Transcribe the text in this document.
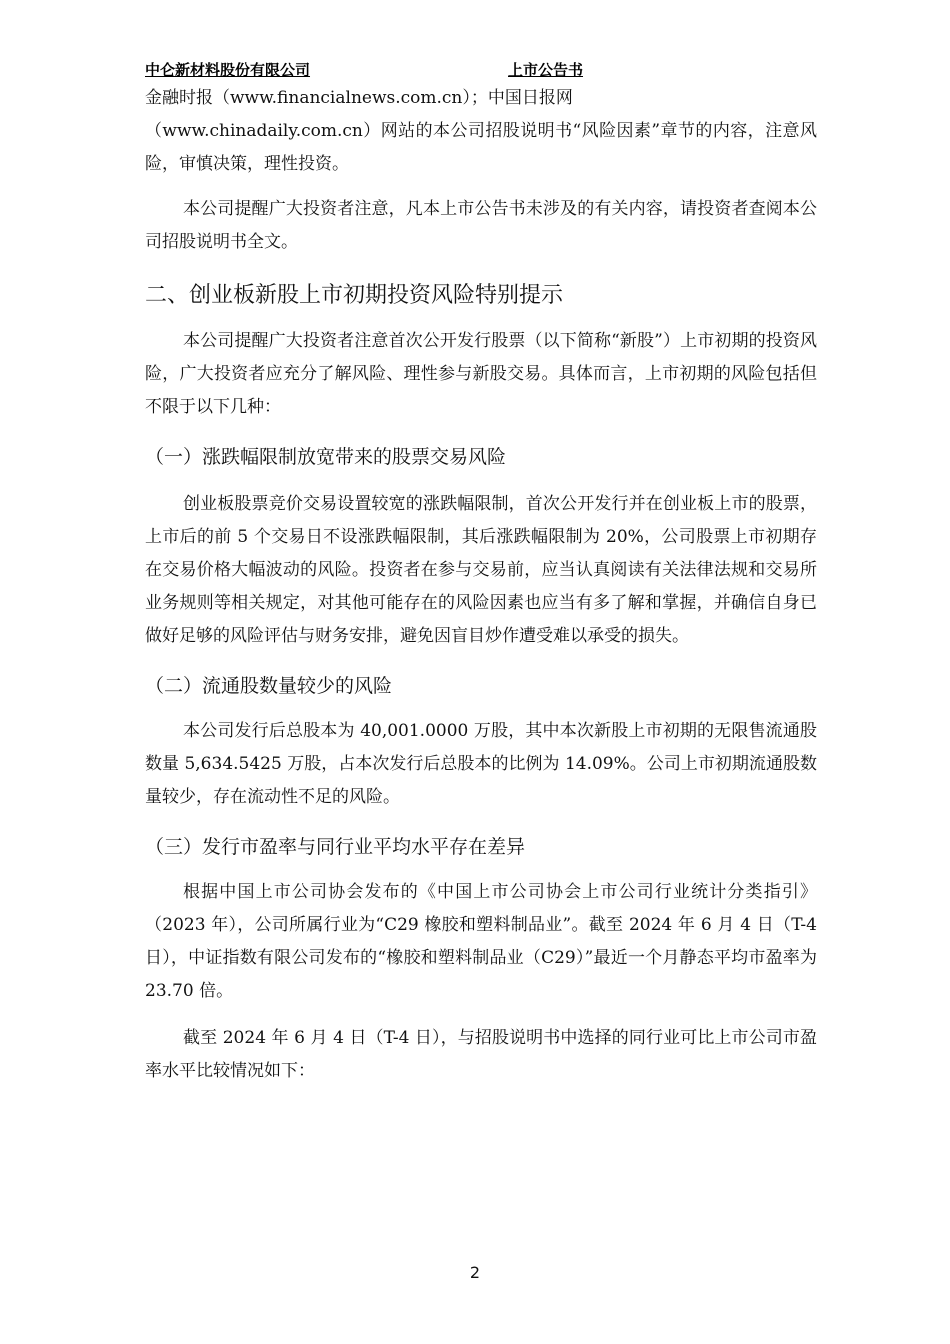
中仑新材料股份有限公司	上市公告书

金融时报（www.financialnews.com.cn）；中国日报网

（www.chinadaily.com.cn）网站的本公司招股说明书“风险因素”章节的内容，注意风险，审慎决策，理性投资。

本公司提醒广大投资者注意，凡本上市公告书未涉及的有关内容，请投资者查阅本公司招股说明书全文。

二、创业板新股上市初期投资风险特别提示

本公司提醒广大投资者注意首次公开发行股票（以下简称“新股”）上市初期的投资风险，广大投资者应充分了解风险、理性参与新股交易。具体而言，上市初期的风险包括但不限于以下几种：

（一）涨跌幅限制放宽带来的股票交易风险

创业板股票竞价交易设置较宽的涨跌幅限制，首次公开发行并在创业板上市的股票，上市后的前 5 个交易日不设涨跌幅限制，其后涨跌幅限制为 20%，公司股票上市初期存在交易价格大幅波动的风险。投资者在参与交易前，应当认真阅读有关法律法规和交易所业务规则等相关规定，对其他可能存在的风险因素也应当有多了解和掌握，并确信自身已做好足够的风险评估与财务安排，避免因盲目炒作遭受难以承受的损失。

（二）流通股数量较少的风险

本公司发行后总股本为 40,001.0000 万股，其中本次新股上市初期的无限售流通股数量 5,634.5425 万股，占本次发行后总股本的比例为 14.09%。公司上市初期流通股数量较少，存在流动性不足的风险。

（三）发行市盈率与同行业平均水平存在差异

根据中国上市公司协会发布的《中国上市公司协会上市公司行业统计分类指引》（2023 年），公司所属行业为“C29 橡胶和塑料制品业”。截至 2024 年 6 月 4 日（T-4 日），中证指数有限公司发布的“橡胶和塑料制品业（C29）”最近一个月静态平均市盈率为 23.70 倍。

截至 2024 年 6 月 4 日（T-4 日），与招股说明书中选择的同行业可比上市公司市盈率水平比较情况如下：

2
